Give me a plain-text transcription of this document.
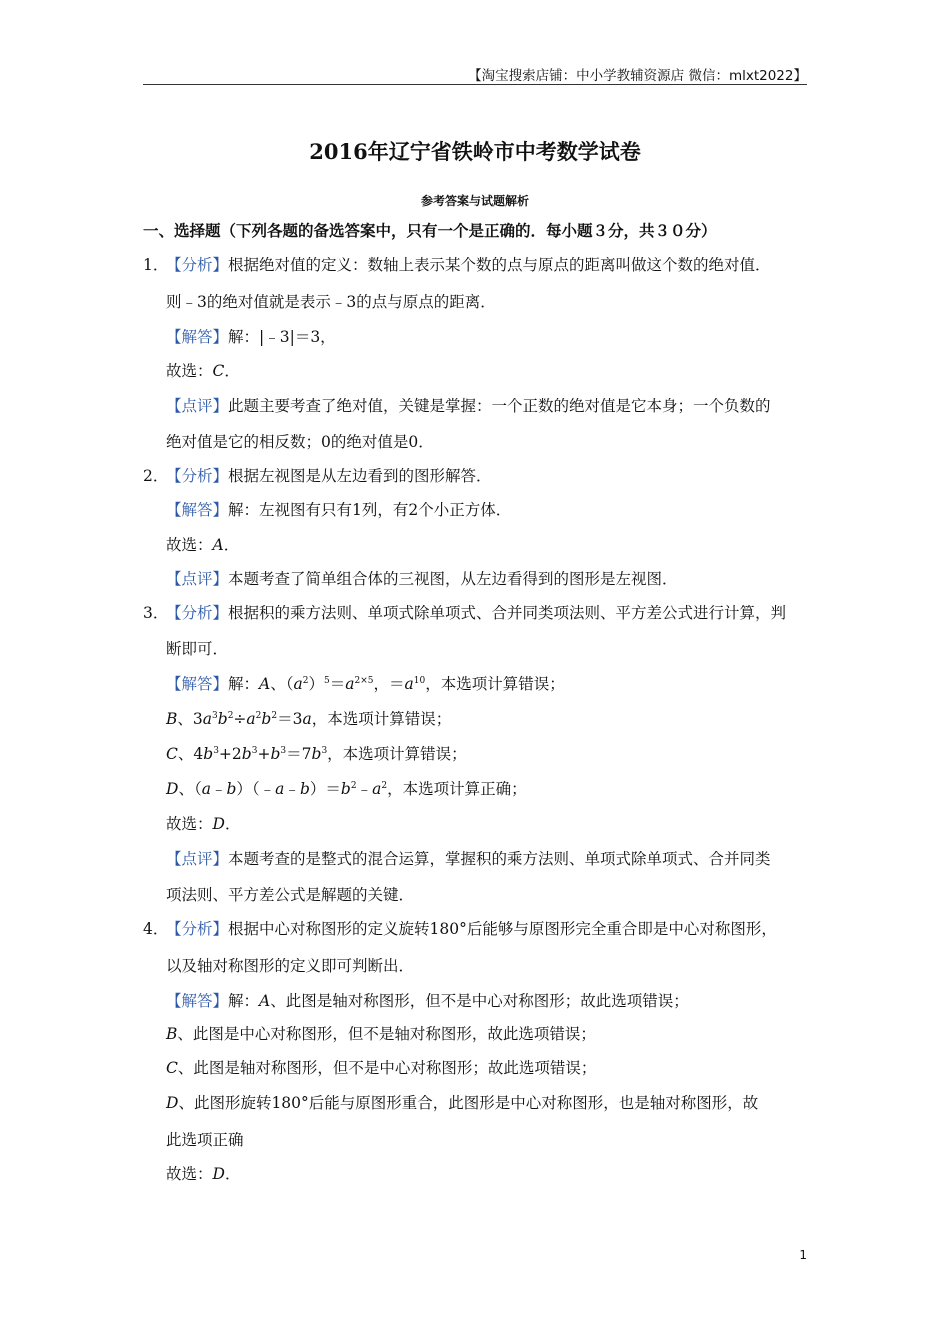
【淘宝搜索店铺：中小学教辅资源店 微信：mlxt2022】
2016年辽宁省铁岭市中考数学试卷
参考答案与试题解析
一、选择题（下列各题的备选答案中，只有一个是正确的．每小题３分，共３０分）
1．【分析】根据绝对值的定义：数轴上表示某个数的点与原点的距离叫做这个数的绝对值．
则﹣3的绝对值就是表示﹣3的点与原点的距离．
【解答】解：|﹣3|＝3，
故选：C．
【点评】此题主要考查了绝对值，关键是掌握：一个正数的绝对值是它本身；一个负数的
绝对值是它的相反数；0的绝对值是0．
2．【分析】根据左视图是从左边看到的图形解答．
【解答】解：左视图有只有1列，有2个小正方体．
故选：A．
【点评】本题考查了简单组合体的三视图，从左边看得到的图形是左视图．
3．【分析】根据积的乘方法则、单项式除单项式、合并同类项法则、平方差公式进行计算，判
断即可．
【解答】解：A、$(a^2)^5=a^{2\times 5}$，$=a^{10}$，本选项计算错误；
B、$3a^3b^2\div a^2b^2=3a$，本选项计算错误；
C、$4b^3+2b^3+b^3=7b^3$，本选项计算错误；
D、$(a﹣b)(﹣a﹣b)=b^2﹣a^2$，本选项计算正确；
故选：D．
【点评】本题考查的是整式的混合运算，掌握积的乘方法则、单项式除单项式、合并同类
项法则、平方差公式是解题的关键．
4．【分析】根据中心对称图形的定义旋转180°后能够与原图形完全重合即是中心对称图形，
以及轴对称图形的定义即可判断出．
【解答】解：A、此图是轴对称图形，但不是中心对称图形；故此选项错误；
B、此图是中心对称图形，但不是轴对称图形，故此选项错误；
C、此图是轴对称图形，但不是中心对称图形；故此选项错误；
D、此图形旋转180°后能与原图形重合，此图形是中心对称图形，也是轴对称图形，故
此选项正确
故选：D．
1
